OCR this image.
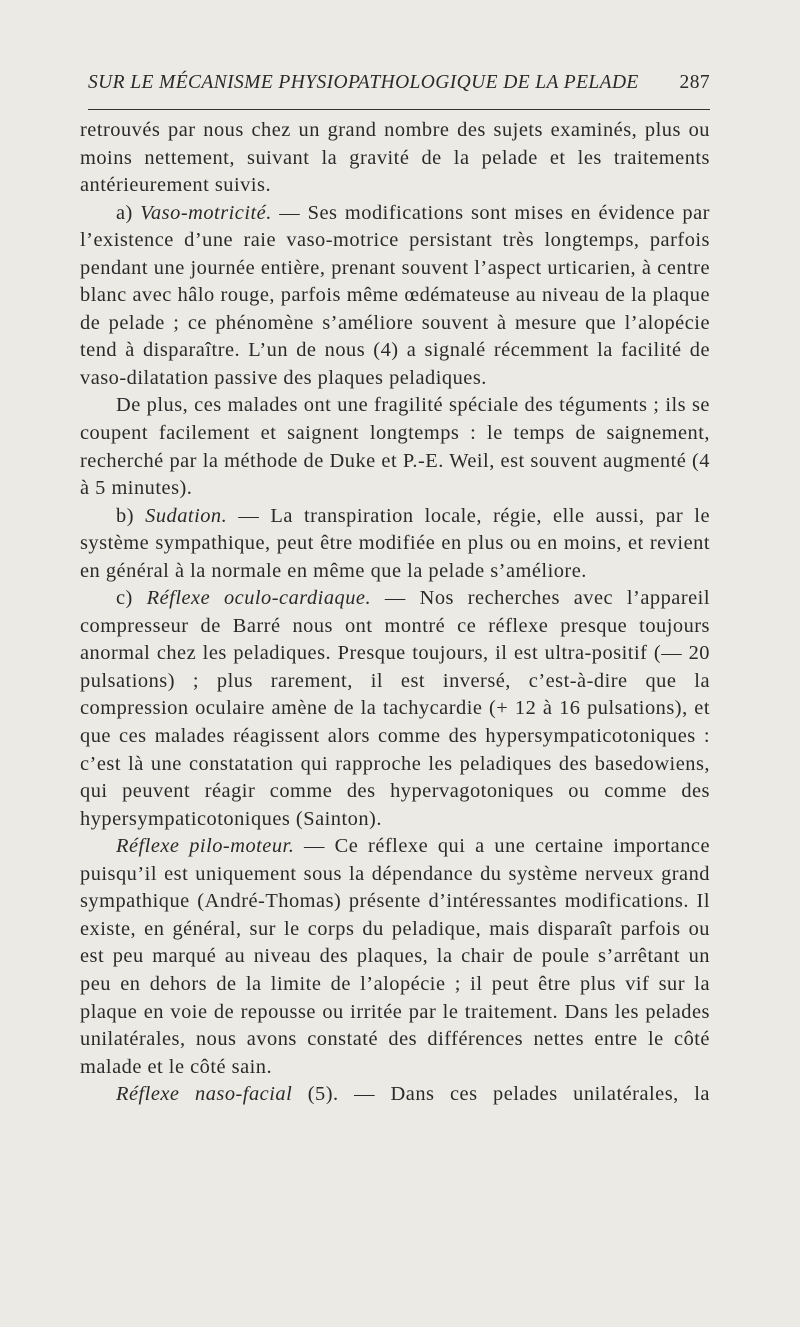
SUR LE MÉCANISME PHYSIOPATHOLOGIQUE DE LA PELADE 287

retrouvés par nous chez un grand nombre des sujets examinés, plus ou moins nettement, suivant la gravité de la pelade et les traitements antérieurement suivis.

a) Vaso-motricité. — Ses modifications sont mises en évidence par l’existence d’une raie vaso-motrice persistant très longtemps, parfois pendant une journée entière, prenant souvent l’aspect urticarien, à centre blanc avec hâlo rouge, parfois même œdémateuse au niveau de la plaque de pelade ; ce phénomène s’améliore souvent à mesure que l’alopécie tend à disparaître. L’un de nous (4) a signalé récemment la facilité de vaso-dilatation passive des plaques peladiques.

De plus, ces malades ont une fragilité spéciale des téguments ; ils se coupent facilement et saignent longtemps : le temps de saignement, recherché par la méthode de Duke et P.-E. Weil, est souvent augmenté (4 à 5 minutes).

b) Sudation. — La transpiration locale, régie, elle aussi, par le système sympathique, peut être modifiée en plus ou en moins, et revient en général à la normale en même que la pelade s’améliore.

c) Réflexe oculo-cardiaque. — Nos recherches avec l’appareil compresseur de Barré nous ont montré ce réflexe presque toujours anormal chez les peladiques. Presque toujours, il est ultra-positif (— 20 pulsations) ; plus rarement, il est inversé, c’est-à-dire que la compression oculaire amène de la tachycardie (+ 12 à 16 pulsations), et que ces malades réagissent alors comme des hypersympaticotoniques : c’est là une constatation qui rapproche les peladiques des basedowiens, qui peuvent réagir comme des hypervagotoniques ou comme des hypersympaticotoniques (Sainton).

Réflexe pilo-moteur. — Ce réflexe qui a une certaine importance puisqu’il est uniquement sous la dépendance du système nerveux grand sympathique (André-Thomas) présente d’intéressantes modifications. Il existe, en général, sur le corps du peladique, mais disparaît parfois ou est peu marqué au niveau des plaques, la chair de poule s’arrêtant un peu en dehors de la limite de l’alopécie ; il peut être plus vif sur la plaque en voie de repousse ou irritée par le traitement. Dans les pelades unilatérales, nous avons constaté des différences nettes entre le côté malade et le côté sain.

Réflexe naso-facial (5). — Dans ces pelades unilatérales, la
